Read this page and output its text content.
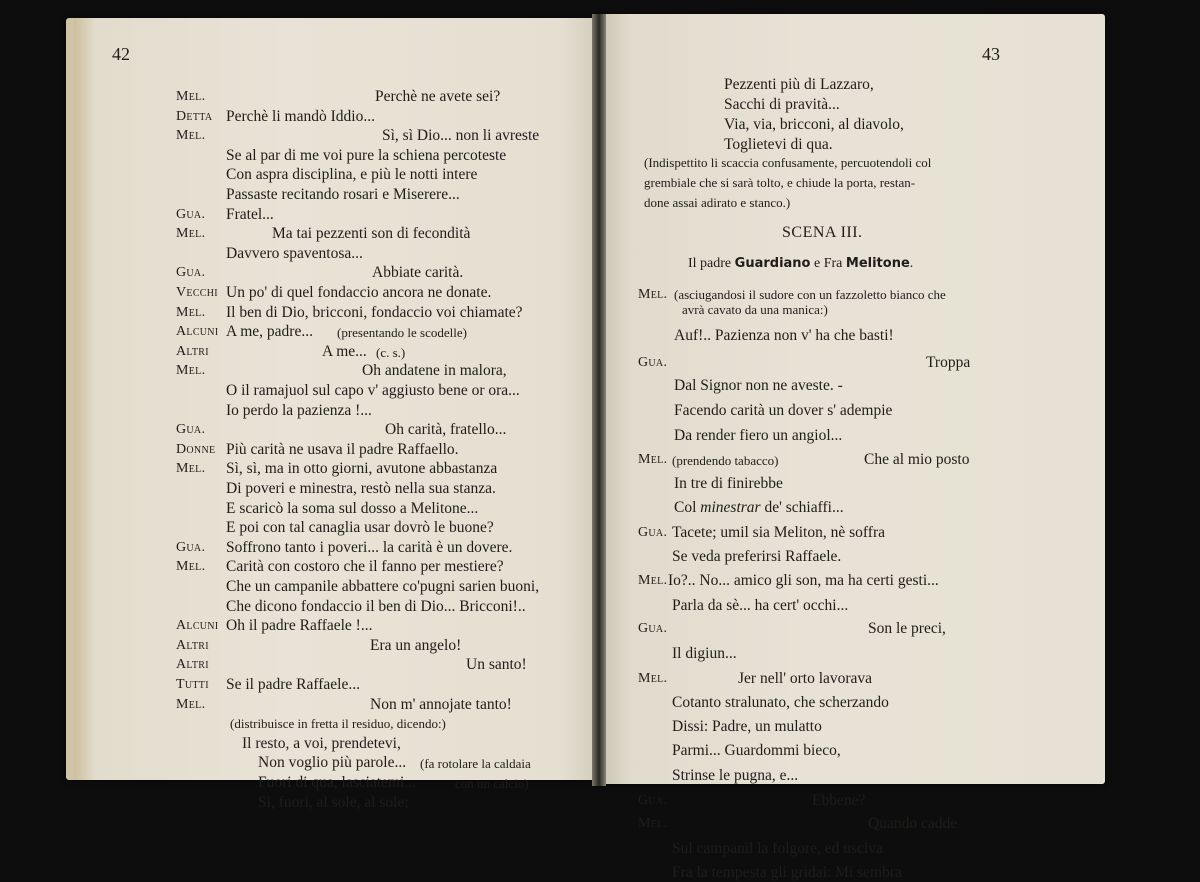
42	43
Mel.	Perchè ne avete sei?
Detta Perchè li mandò Iddio...
Mel.	Sì, sì Dio... non li avreste
Se al par di me voi pure la schiena percoteste
Con aspra disciplina, e più le notti intere
Passaste recitando rosari e Miserere...
Gua. Fratel...
Mel.	Ma tai pezzenti son di fecondità
Davvero spaventosa...
Gua.	Abbiate carità.
Vecchi Un po' di quel fondaccio ancora ne donate.
Mel. Il ben di Dio, bricconi, fondaccio voi chiamate?
Alcuni A me, padre... (presentando le scodelle)
Altri	A me... (c. s.)
Mel.	Oh andatene in malora,
O il ramajuol sul capo v' aggiusto bene or ora...
Io perdo la pazienza !...
Gua.	Oh carità, fratello...
Donne Più carità ne usava il padre Raffaello.
Mel. Sì, sì, ma in otto giorni, avutone abbastanza
Di poveri e minestra, restò nella sua stanza.
E scaricò la soma sul dosso a Melitone...
E poi con tal canaglia usar dovrò le buone?
Gua. Soffrono tanto i poveri... la carità è un dovere.
Mel. Carità con costoro che il fanno per mestiere?
Che un campanile abbattere co'pugni sarien buoni,
Che dicono fondaccio il ben di Dio... Bricconi!..
Alcuni Oh il padre Raffaele !...
Altri	Era un angelo!
Altri	Un santo!
Tutti Se il padre Raffaele...
Mel.	Non m' annojate tanto!
(distribuisce in fretta il residuo, dicendo:)
Il resto, a voi, prendetevi,
Non voglio più parole... (fa rotolare la caldaia
Fuori di qua, lasciatemi...	con un calcio)
Sì, fuori, al sole, al sole;
Pezzenti più di Lazzaro,
Sacchi di pravità...
Via, via, bricconi, al diavolo,
Toglietevi di qua.
(Indispettito li scaccia confusamente, percuotendoli col
grembiale che si sarà tolto, e chiude la porta, restan-
done assai adirato e stanco.)
SCENA III.
Il padre Guardiano e Fra Melitone.
Mel. (asciugandosi il sudore con un fazzoletto bianco che
avrà cavato da una manica:)
Auf!.. Pazienza non v' ha che basti!
Gua.	Troppa
Dal Signor non ne aveste. -
Facendo carità un dover s' adempie
Da render fiero un angiol...
Mel.	Che al mio posto
(prendendo tabacco)
In tre di finirebbe
Col minestrar de' schiaffi...
Gua. Tacete; umil sia Meliton, nè soffra
Se veda preferirsi Raffaele.
Mel. Io?.. No... amico gli son, ma ha certi gesti...
Parla da sè... ha cert' occhi...
Gua.	Son le preci,
Il digiun...
Mel.	Jer nell' orto lavorava
Cotanto stralunato, che scherzando
Dissi: Padre, un mulatto
Parmi... Guardommi bieco,
Strinse le pugna, e...
Gua.	Ebbene?
Mel.	Quando cadde
Sul campanil la folgore, ed usciva
Fra la tempesta gli gridai: Mi sembra
